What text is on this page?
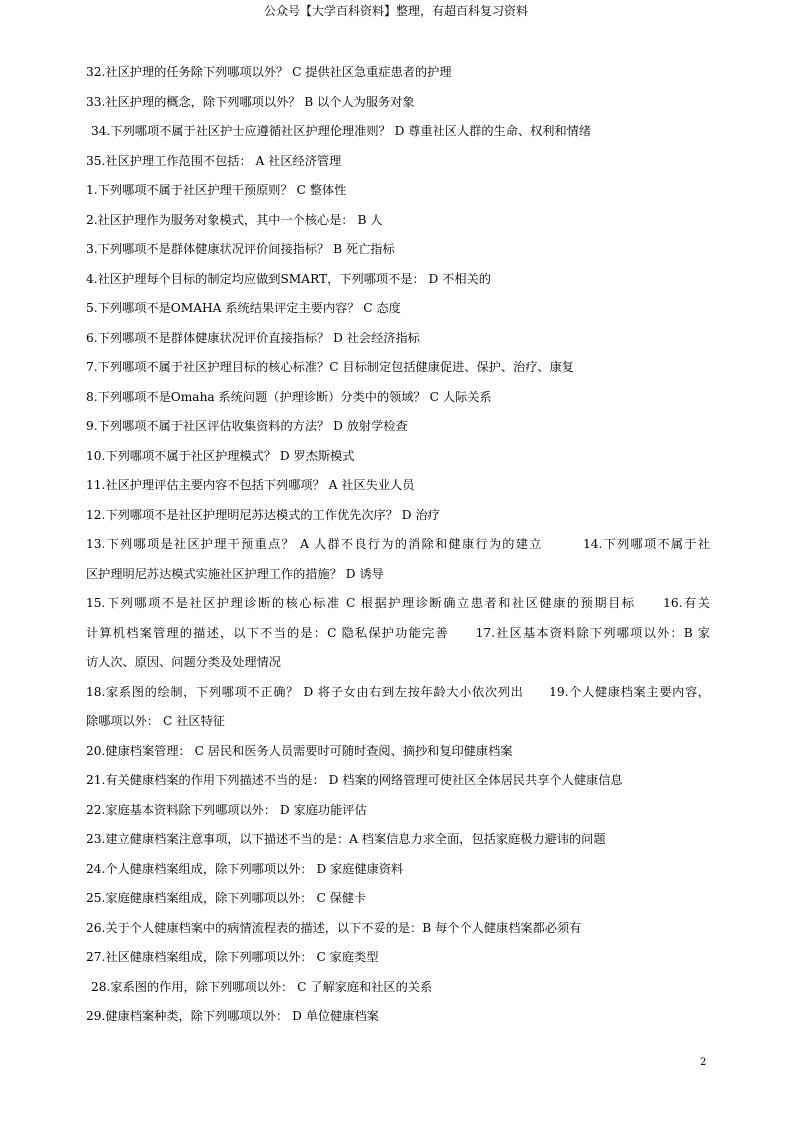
公众号【大学百科资料】整理，有超百科复习资料
32.社区护理的任务除下列哪项以外？ C 提供社区急重症患者的护理
33.社区护理的概念，除下列哪项以外？ B 以个人为服务对象
34.下列哪项不属于社区护士应遵循社区护理伦理准则？ D 尊重社区人群的生命、权利和情绪
35.社区护理工作范围不包括： A 社区经济管理
1.下列哪项不属于社区护理干预原则？ C 整体性
2.社区护理作为服务对象模式，其中一个核心是： B 人
3.下列哪项不是群体健康状况评价间接指标？ B 死亡指标
4.社区护理每个目标的制定均应做到SMART，下列哪项不是： D 不相关的
5.下列哪项不是OMAHA 系统结果评定主要内容？ C 态度
6.下列哪项不是群体健康状况评价直接指标？ D 社会经济指标
7.下列哪项不属于社区护理目标的核心标准？C 目标制定包括健康促进、保护、治疗、康复
8.下列哪项不是Omaha 系统问题（护理诊断）分类中的领域？ C 人际关系
9.下列哪项不属于社区评估收集资料的方法？ D 放射学检查
10.下列哪项不属于社区护理模式？ D 罗杰斯模式
11.社区护理评估主要内容不包括下列哪项？ A 社区失业人员
12.下列哪项不是社区护理明尼苏达模式的工作优先次序？ D 治疗
13.下列哪项是社区护理干预重点？ A 人群不良行为的消除和健康行为的建立　　　14.下列哪项不属于社
区护理明尼苏达模式实施社区护理工作的措施？ D 诱导
15.下列哪项不是社区护理诊断的核心标准 C 根据护理诊断确立患者和社区健康的预期目标　　16.有关
计算机档案管理的描述，以下不当的是：C 隐私保护功能完善　　17.社区基本资料除下列哪项以外：B 家
访人次、原因、问题分类及处理情况
18.家系图的绘制，下列哪项不正确？ D 将子女由右到左按年龄大小依次列出　　19.个人健康档案主要内容，
除哪项以外： C 社区特征
20.健康档案管理： C 居民和医务人员需要时可随时查阅、摘抄和复印健康档案
21.有关健康档案的作用下列描述不当的是： D 档案的网络管理可使社区全体居民共享个人健康信息
22.家庭基本资料除下列哪项以外： D 家庭功能评估
23.建立健康档案注意事项，以下描述不当的是：A 档案信息力求全面，包括家庭极力避讳的问题
24.个人健康档案组成，除下列哪项以外： D 家庭健康资料
25.家庭健康档案组成，除下列哪项以外： C 保健卡
26.关于个人健康档案中的病情流程表的描述，以下不妥的是：B 每个个人健康档案都必须有
27.社区健康档案组成，除下列哪项以外： C 家庭类型
28.家系图的作用，除下列哪项以外： C 了解家庭和社区的关系
29.健康档案种类，除下列哪项以外： D 单位健康档案
2
